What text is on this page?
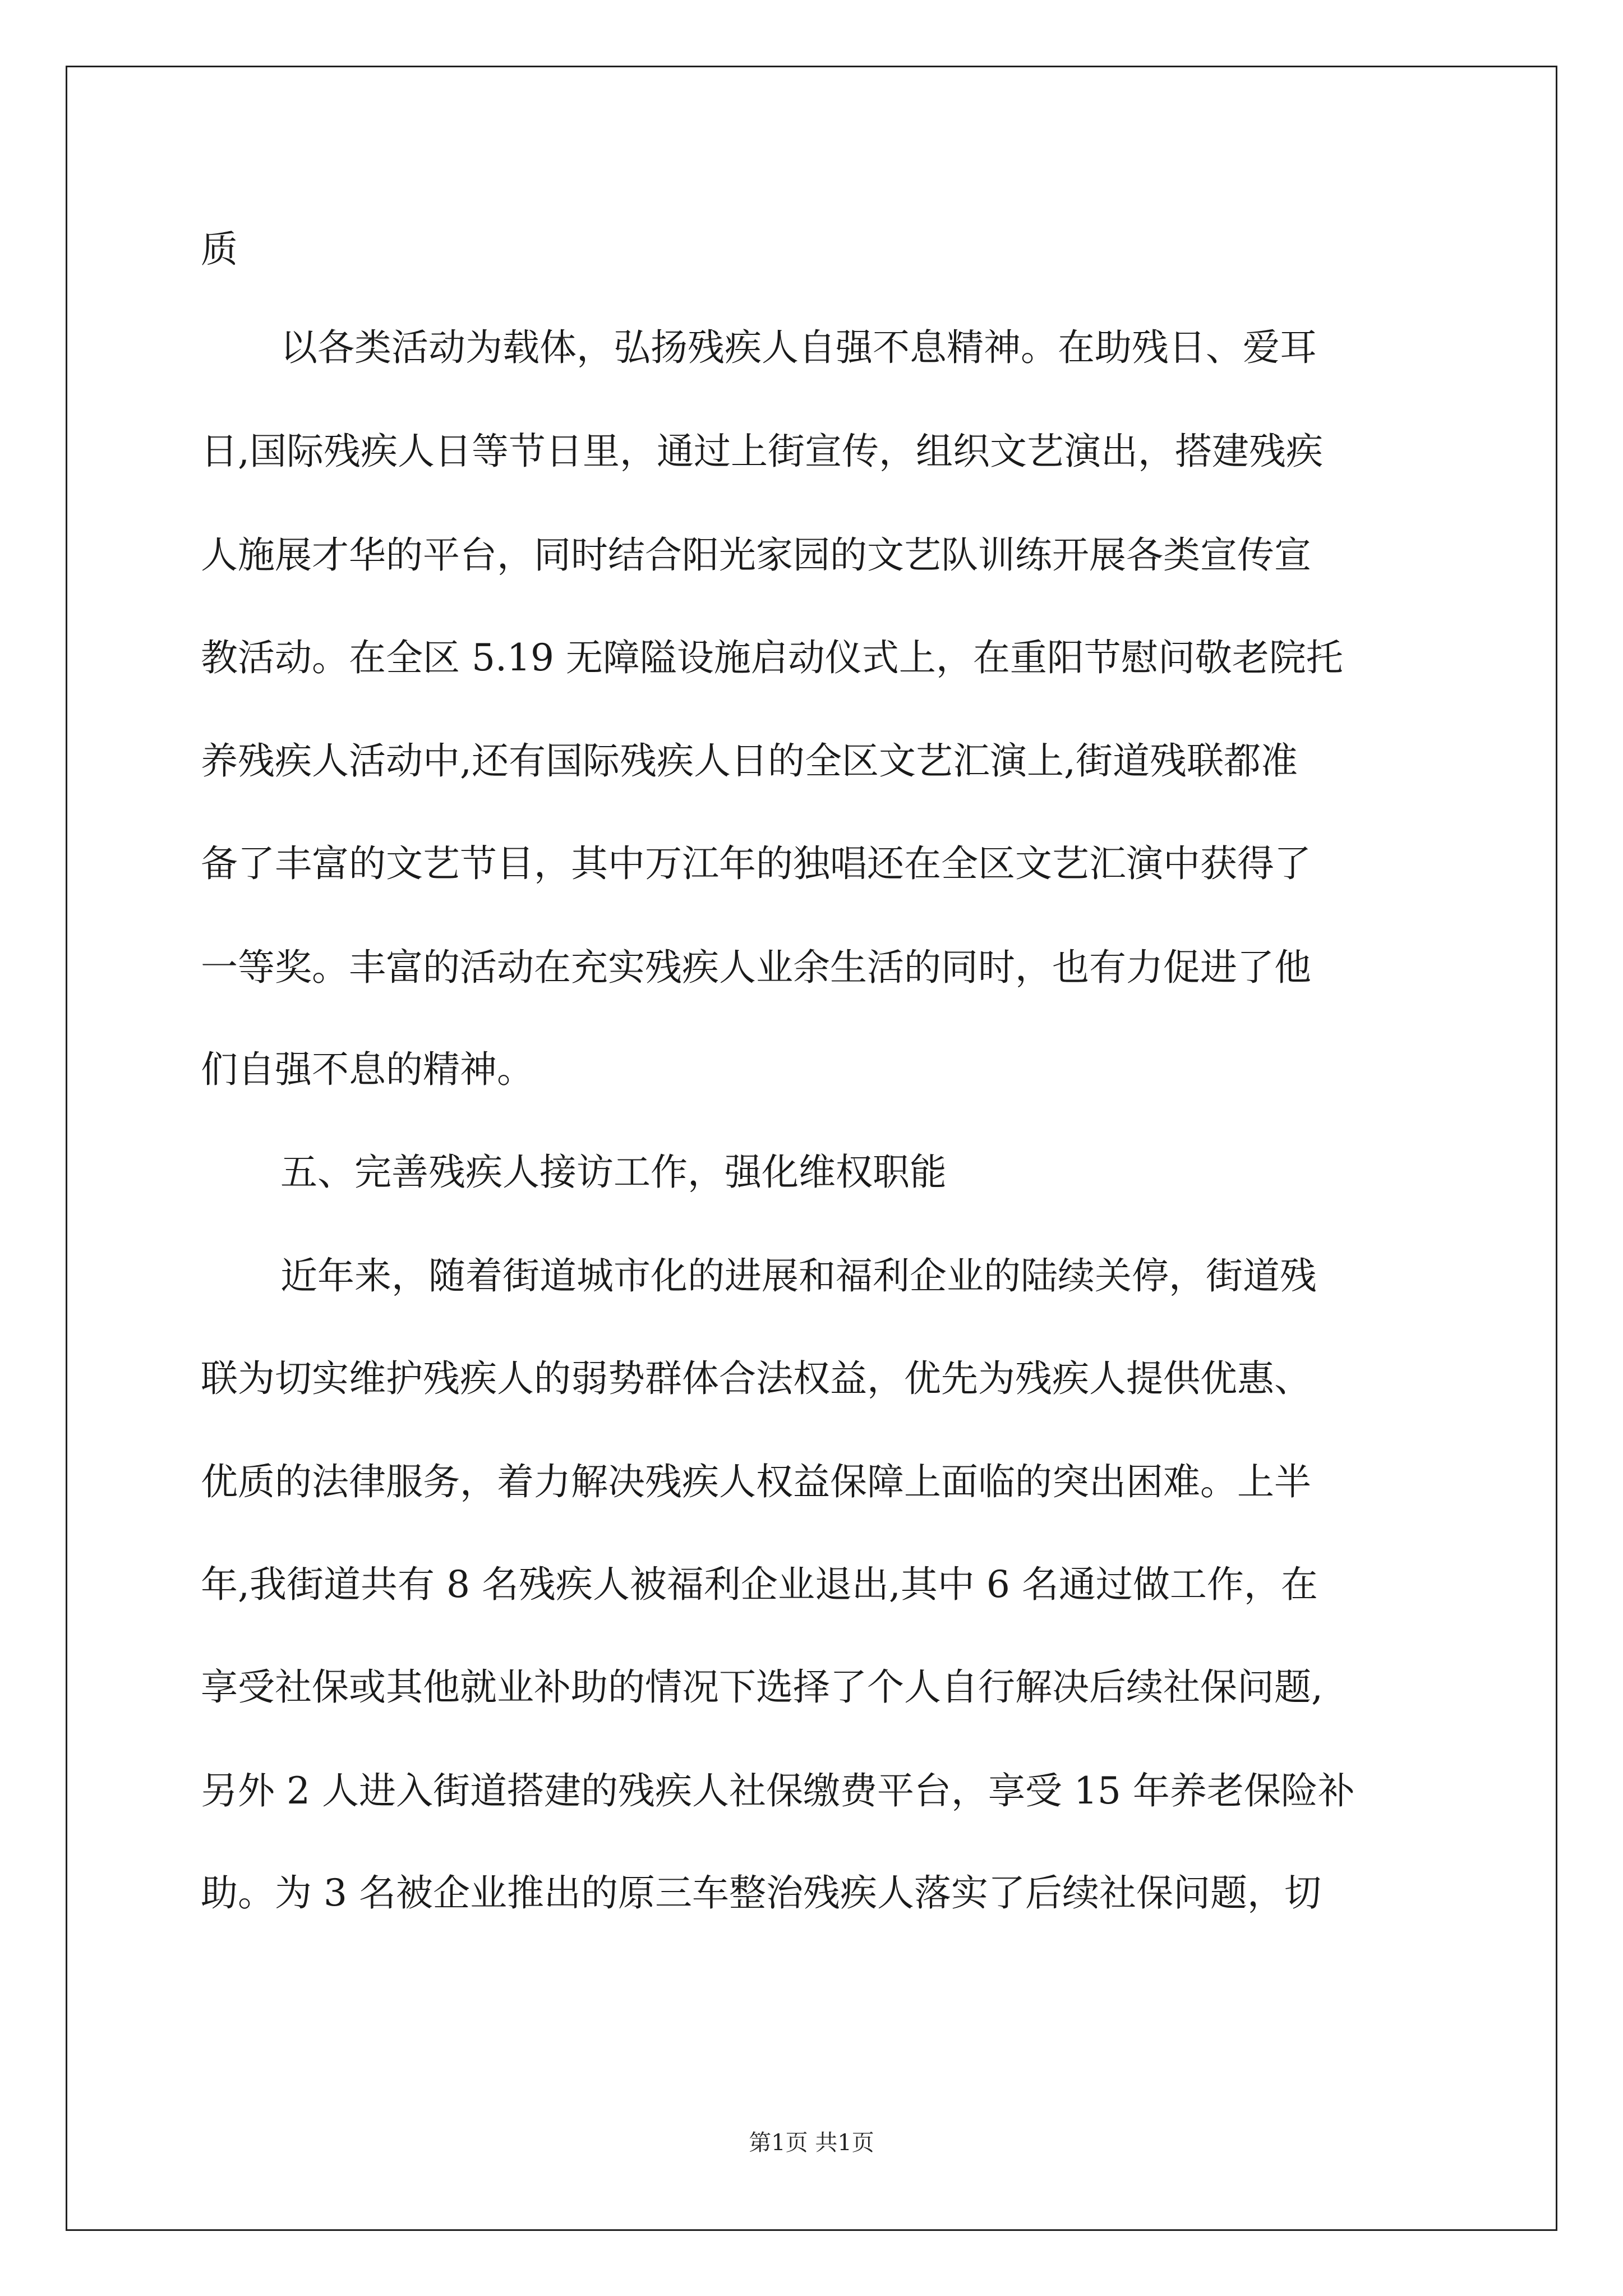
质
以各类活动为载体，弘扬残疾人自强不息精神。在助残日、爱耳
日,国际残疾人日等节日里，通过上街宣传，组织文艺演出，搭建残疾
人施展才华的平台，同时结合阳光家园的文艺队训练开展各类宣传宣
教活动。在全区 5.19 无障隘设施启动仪式上，在重阳节慰问敬老院托
养残疾人活动中,还有国际残疾人日的全区文艺汇演上,街道残联都准
备了丰富的文艺节目，其中万江年的独唱还在全区文艺汇演中获得了
一等奖。丰富的活动在充实残疾人业余生活的同时，也有力促进了他
们自强不息的精神。
五、完善残疾人接访工作，强化维权职能
近年来，随着街道城市化的进展和福利企业的陆续关停，街道残
联为切实维护残疾人的弱势群体合法权益，优先为残疾人提供优惠、
优质的法律服务，着力解决残疾人权益保障上面临的突出困难。上半
年,我街道共有 8 名残疾人被福利企业退出,其中 6 名通过做工作，在
享受社保或其他就业补助的情况下选择了个人自行解决后续社保问题,
另外 2 人进入街道搭建的残疾人社保缴费平台，享受 15 年养老保险补
助。为 3 名被企业推出的原三车整治残疾人落实了后续社保问题，切
第1页 共1页
